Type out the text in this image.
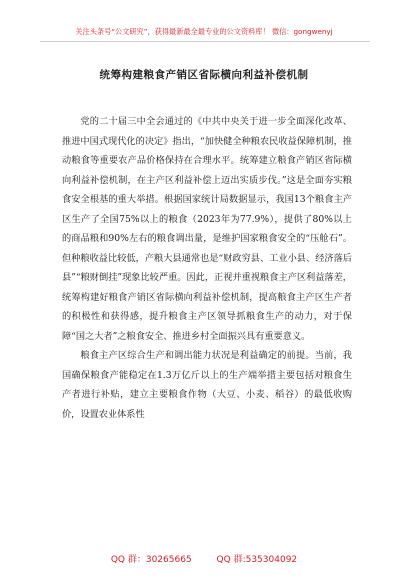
关注头条号“公文研究”，获得最新最全最专业的公文资料库！ 微信：gongwenyj
统筹构建粮食产销区省际横向利益补偿机制

党的二十届三中全会通过的《中共中央关于进一步全面深化改革、推进中国式现代化的决定》指出，“加快健全种粮农民收益保障机制，推动粮食等重要农产品价格保持在合理水平。统筹建立粮食产销区省际横向利益补偿机制，在主产区利益补偿上迈出实质步伐。”这是全面夯实粮食安全根基的重大举措。根据国家统计局数据显示，我国13个粮食主产区生产了全国75%以上的粮食（2023年为77.9%），提供了80%以上的商品粮和90%左右的粮食调出量，是维护国家粮食安全的“压舱石”。但种粮收益比较低，产粮大县通常也是“财政穷县、工业小县、经济落后县”“粮财倒挂”现象比较严重。因此，正视并重视粮食主产区利益落差，统筹构建好粮食产销区省际横向利益补偿机制，提高粮食主产区生产者的积极性和获得感，提升粮食主产区领导抓粮食生产的动力，对于保障“国之大者”之粮食安全、推进乡村全面振兴具有重要意义。

粮食主产区综合生产和调出能力状况是利益确定的前提。当前，我国确保粮食产能稳定在1.3万亿斤以上的生产端举措主要包括对粮食生产者进行补贴，建立主要粮食作物（大豆、小麦、稻谷）的最低收购价，设置农业体系性

QQ 群：30265665	QQ 群:535304092
